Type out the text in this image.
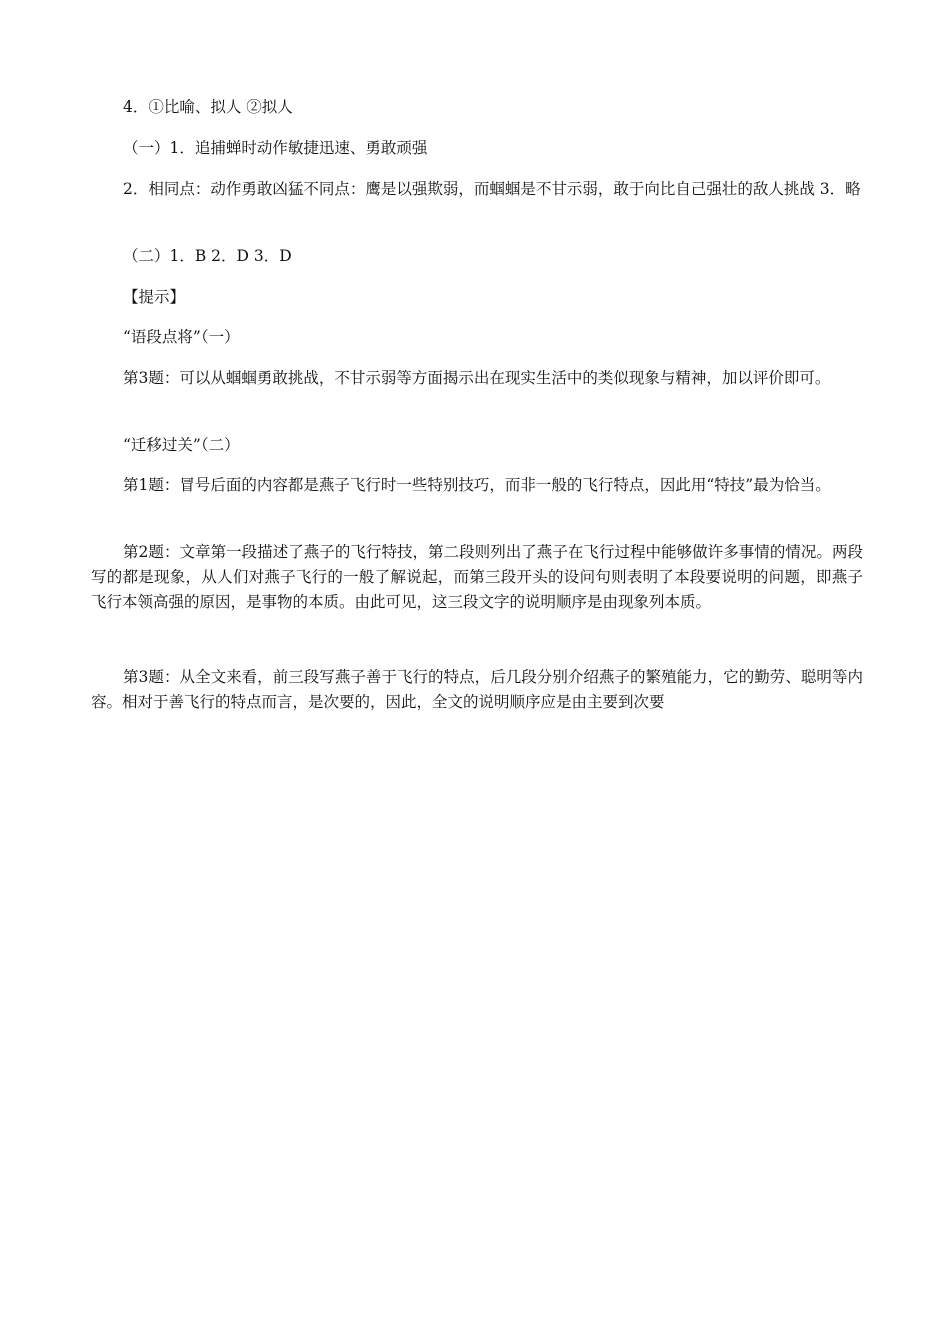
4．①比喻、拟人 ②拟人

（一）1．追捕蝉时动作敏捷迅速、勇敢顽强

2．相同点：动作勇敢凶猛不同点：鹰是以强欺弱，而蝈蝈是不甘示弱，敢于向比自己强壮的敌人挑战 3．略

（二）1．B 2．D 3．D

【提示】

“语段点将”（一）

第3题：可以从蝈蝈勇敢挑战，不甘示弱等方面揭示出在现实生活中的类似现象与精神，加以评价即可。

“迁移过关”（二）

第1题：冒号后面的内容都是燕子飞行时一些特别技巧，而非一般的飞行特点，因此用“特技”最为恰当。

第2题：文章第一段描述了燕子的飞行特技，第二段则列出了燕子在飞行过程中能够做许多事情的情况。两段写的都是现象，从人们对燕子飞行的一般了解说起，而第三段开头的设问句则表明了本段要说明的问题，即燕子飞行本领高强的原因，是事物的本质。由此可见，这三段文字的说明顺序是由现象列本质。

第3题：从全文来看，前三段写燕子善于飞行的特点，后几段分别介绍燕子的繁殖能力，它的勤劳、聪明等内容。相对于善飞行的特点而言，是次要的，因此，全文的说明顺序应是由主要到次要
